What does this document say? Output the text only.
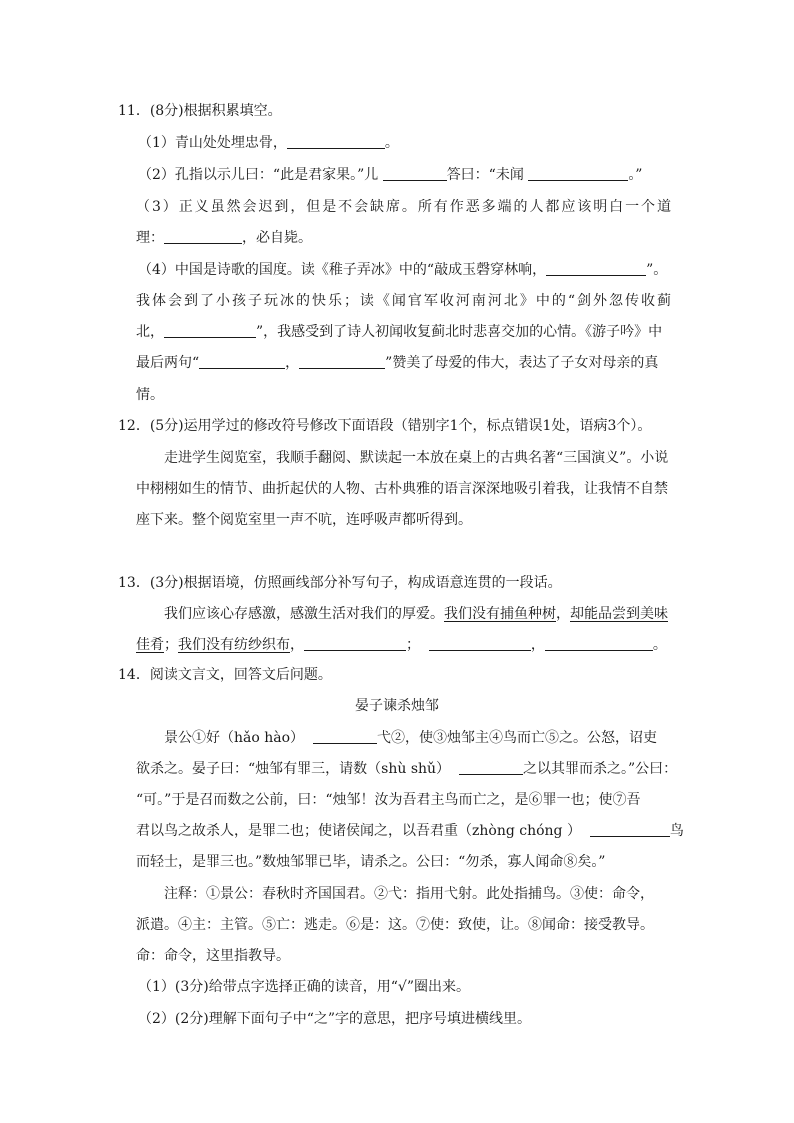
11．(8分)根据积累填空。
（1）青山处处埋忠骨，	。
（2）孔指以示儿曰：“此是君家果。”儿	答曰：“未闻	。”
（3）正义虽然会迟到，但是不会缺席。所有作恶多端的人都应该明白一个道
理：	，必自毙。
（4）中国是诗歌的国度。读《稚子弄冰》中的“敲成玉磬穿林响，	”。
我体会到了小孩子玩冰的快乐；读《闻官军收河南河北》中的“剑外忽传收蓟
北，	”，我感受到了诗人初闻收复蓟北时悲喜交加的心情。《游子吟》中
最后两句“	，	”赞美了母爱的伟大，表达了子女对母亲的真
情。
12．(5分)运用学过的修改符号修改下面语段（错别字1个，标点错误1处，语病3个）。
走进学生阅览室，我顺手翻阅、默读起一本放在桌上的古典名著“三国演义”。小说
中栩栩如生的情节、曲折起伏的人物、古朴典雅的语言深深地吸引着我，让我情不自禁
座下来。整个阅览室里一声不吭，连呼吸声都听得到。
13．(3分)根据语境，仿照画线部分补写句子，构成语意连贯的一段话。
我们应该心存感激，感激生活对我们的厚爱。我们没有捕鱼种树，却能品尝到美味
佳肴；我们没有纺纱织布，	；	，	。
14．阅读文言文，回答文后问题。
晏子谏杀烛邹
景公①好（hǎo hào）	弋②，使③烛邹主④鸟而亡⑤之。公怒，诏吏
欲杀之。晏子曰：“烛邹有罪三，请数（shù shǔ）	之以其罪而杀之。”公曰：
“可。”于是召而数之公前，曰：“烛邹！汝为吾君主鸟而亡之，是⑥罪一也；使⑦吾
君以鸟之故杀人，是罪二也；使诸侯闻之，以吾君重（zhòng chóng ）	鸟
而轻士，是罪三也。”数烛邹罪已毕，请杀之。公曰：“勿杀，寡人闻命⑧矣。”
注释：①景公：春秋时齐国国君。②弋：指用弋射。此处指捕鸟。③使：命令，
派遣。④主：主管。⑤亡：逃走。⑥是：这。⑦使：致使，让。⑧闻命：接受教导。
命：命令，这里指教导。
（1）(3分)给带点字选择正确的读音，用“√”圈出来。
（2）(2分)理解下面句子中“之”字的意思，把序号填进横线里。
